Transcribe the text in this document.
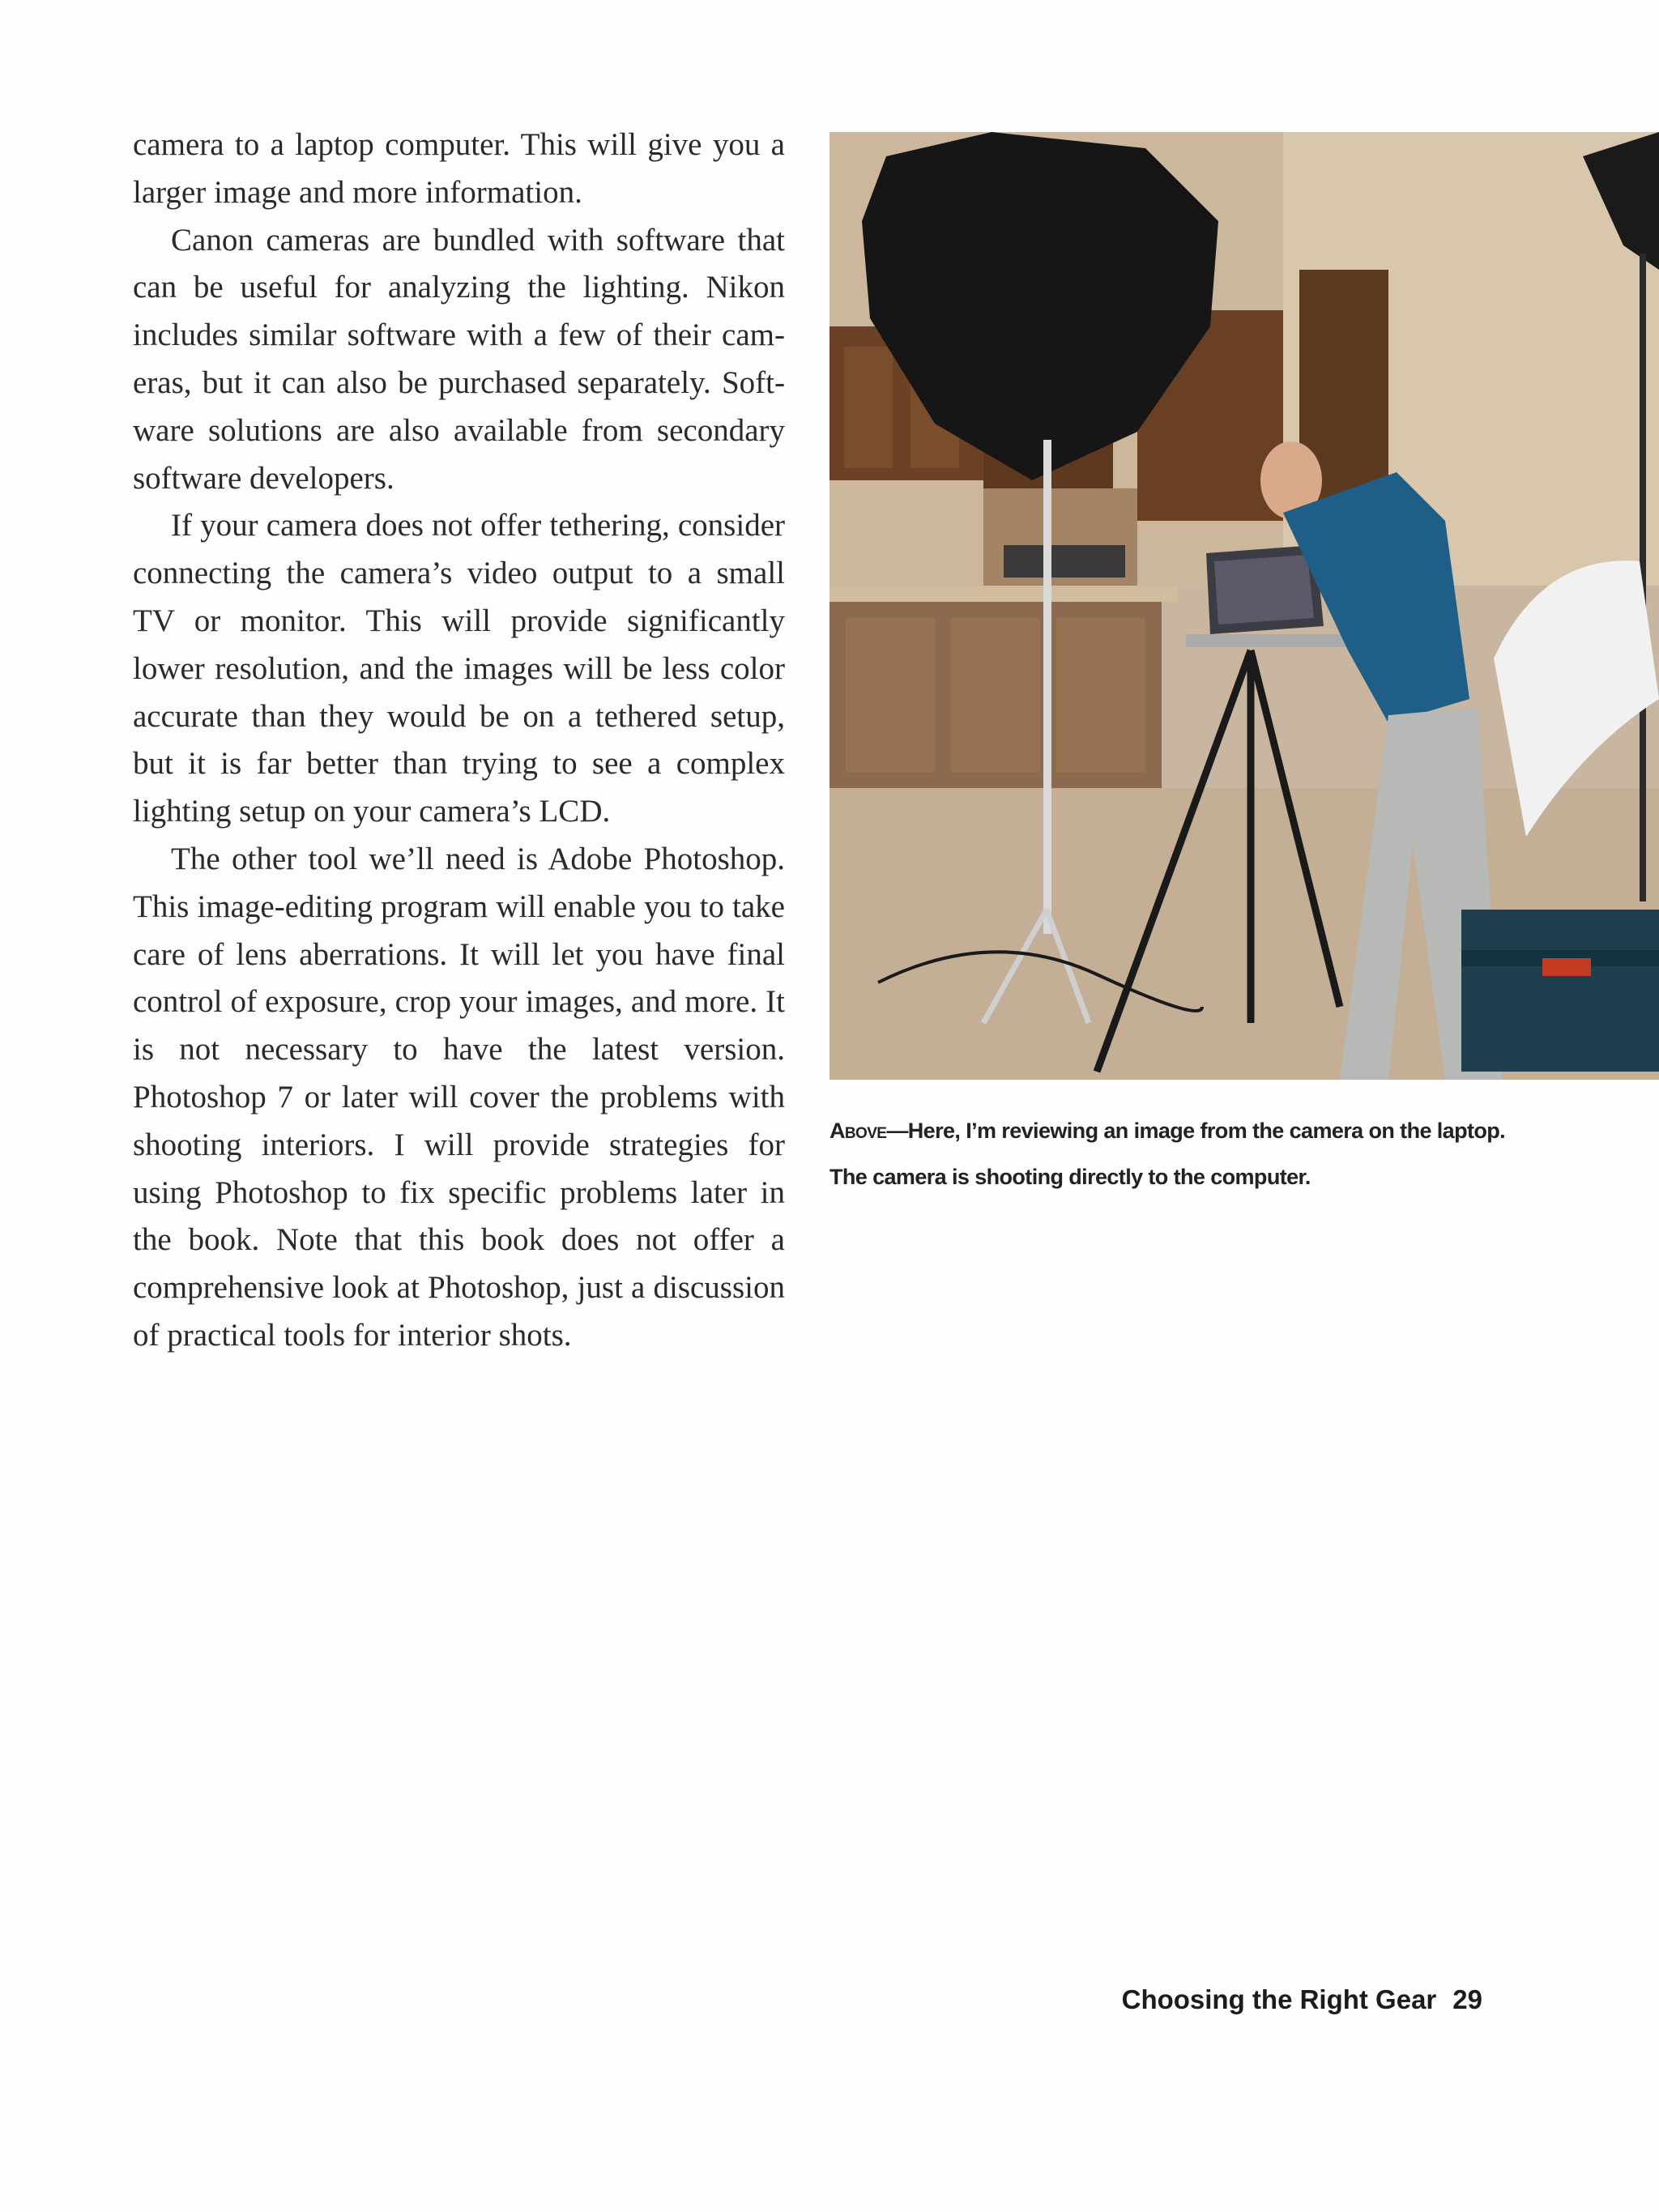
camera to a laptop computer. This will give you a larger image and more information.

Canon cameras are bundled with software that can be useful for analyzing the lighting. Nikon includes similar software with a few of their cameras, but it can also be purchased separately. Software solutions are also available from secondary software developers.

If your camera does not offer tethering, consider connecting the camera’s video output to a small TV or monitor. This will provide significantly lower resolution, and the images will be less color accurate than they would be on a tethered setup, but it is far better than trying to see a complex lighting setup on your camera’s LCD.

The other tool we’ll need is Adobe Photoshop. This image-editing program will enable you to take care of lens aberrations. It will let you have final control of exposure, crop your images, and more. It is not necessary to have the latest version. Photoshop 7 or later will cover the problems with shooting interiors. I will provide strategies for using Photoshop to fix specific problems later in the book. Note that this book does not offer a comprehensive look at Photoshop, just a discussion of practical tools for interior shots.

Above—Here, I’m reviewing an image from the camera on the laptop. The camera is shooting directly to the computer.
Choosing the Right Gear 29
